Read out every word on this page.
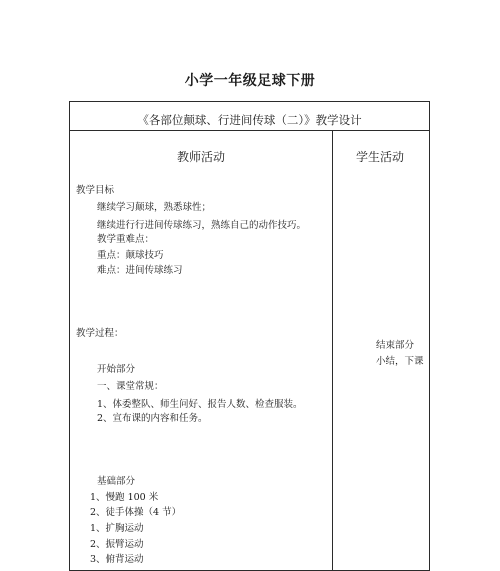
小学一年级足球下册
《各部位颠球、行进间传球（二）》教学设计
教师活动	学生活动
教学目标
继续学习颠球，熟悉球性；
继续进行行进间传球练习，熟练自己的动作技巧。
教学重难点：
重点：颠球技巧
难点：进间传球练习
教学过程：
开始部分
一、课堂常规：
1、体委整队、师生问好、报告人数、检查服装。
2、宣布课的内容和任务。
基础部分
1、慢跑 100 米
2、徒手体操（4 节）
1、扩胸运动
2、振臂运动
3、俯背运动
结束部分
小结，下课
